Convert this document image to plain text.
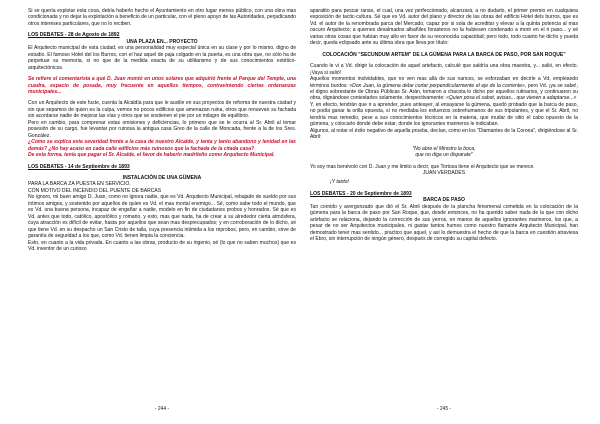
Si se quería explotar esta cosa, debía haberlo hecho el Ayuntamiento en otro lugar menos público, con una obra mas condicionada y no dejar la explotación a beneficio de un particular, con el pleno apoyo de las Autoridades, perjudicando otros intereses particulares, que no lo reciben.

LOS DEBATES - 28 de Agosto de 1892

UNA PLAZA EN... PROYECTO

El Arquitecto municipal de esta ciudad, es una personalidad muy especial única en su clase y por lo mismo, digno de estudio. El famoso Hotel del los Burros, con el haz aquel de paja colgado en la puerta, es una obra que, no sólo ha de perpetuar su memoria, si no que de la medida exacta de su utilitarismo y de sus conocimientos estético-arquitectónicos.

Se refiere el comentarista a qué D. Juan montó en unos solares que adquirió frente al Parque del Temple, una cuadra, espacio de posada, muy frecuente en aquellos tiempos, contraviniendo ciertas ordenanzas municipales...

Con un Arquitecto de este fuste, cuenta la Alcaldía para que le auxilie en sus proyectos de reforma de nuestra ciudad y sin que sepamos de quien es la culpa, vemos no pocos edificios que amenazan ruina, otros que renuevan su fachada sin acordarse nadie de mejorar las vías y otros que se sostienen el pie por un milagro de equilibrio.

Pero en cambio, para comprenar estas omisiones y deficiencias, lo primero que se le ocurra al Sr. Abril al tomar posesión de su cargo, fue levantar por ruinosa la antigua casa Greo de la calle de Moncada, frente a la de los Sres. González.

¿Cómo se explica esta severidad frente a la casa de nuestro Alcalde, y tanta y tanto abandono y lenidad en las demás? ¿No hay acaso en cada calle edificios más ruinosos que la fachada de la citada casa?

De esta forma, tenía que pagar el Sr. Alcalde, el favor de haberlo madrileño como Arquitecto Municipal.

LOS DEBATES - 14 de Septiembre de 1893

INSTALACIÓN DE UNA GÜMENA

PARA LA BARCA ZA PUESTA EN SERVICIO.

CON MOTIVO DEL INCENDIO DEL PUENTE DE BARCAS

No ignoro, mi buen amigo D. Juan, como no ignora nadie, que es Vd. Arquitecto Municipal, rebajado de sueldo por sus íntimos amigos, y sostenido por aquellos de quien es Vd. el mas mortal enemigo... Sé, como sabe todo el mundo, que es Vd. una buena persona, incapaz de engañar a nadie, modelo en fin de ciudadanos probos y honrados. Sé que es Vd. antes que todo, católico, apostólico y romano, y esto, mas que nada, ha de crear a su alrededor cierta atmósfera, cuya atracción es difícil de evitar, hasta por aquellos que sean mas desprecupados; y en corroboración de lo dicho, sé que tiene Vd. en su despacho un San Cristo de talla, cuya presencia intimida a los réprobos, pero, en cambio, sirve de garantía de seguridad a los que, como Vd. tienen limpia la conciencia.

Esto, en cuanto a la vida privada. En cuanto a las obras, producto de su ingenio, sé (lo que no saben muchos) que es Vd. inventor de un curioso

- 244 -

aparatito para pescar ranas, el cual, una vez perfeccionado, alcanzará, a no dudarlo, el primer premio en cualquiera exposición de tactic-cultura. Sé que es Vd. autor del plano y director de las obras del edificio Hotel dels burros, que es Vd. el autor de la renombrada parca del Mercado, capaz por si sola de acreditar y elevar a la quinta potencia al mas oscuro Arquitecto; a quienes desalmados albañiles forasteros no la hubiesen condenado a morir en el ri paso... y sé varias otras cosas que habían muy alto en favor de su reconocida capacidad; pero todo, todo cuanto he dicho y pueda decir, queda eclipsado ante su última obra que lleva por título:

COLOCACIÓN "SECUNDUM ARTEM" DE LA GÚMENA PARA LA BARCA DE PASO, POR SAN ROQUE"

Cuando le vi a Vd. dirigir la colocación de aquel artefacto, calculé que saldría una obra maestra, y... salió, en efecto. ¡Vaya si salió!

Aquellos momentos inolvidables, que no ven mas allá de sus narices, se esforzaban en decirle a Vd, empleando términos burdos: «Don Juan, la gúmena debe cortar perpendicularmente el eje de la corriente», pero Vd. ¡ya se sabe!, el digno sobrestante de Obras Públicas Sr. Arán, tomaron a chacota lo dicho por aquellos rutinarios, y continuaron su obra, dignándose contestarles solamente, despectivamente: «Quien posa el sabot, avisas... que vienen a adaptarse...»

Y, en efecto, tendrán que ir a aprender, pues anteayer, al ensayarse la gúmena, quedó probado que la barca de paso, no podía ganar la orilla opuesta, sí no mediaba los esfuerzos sobrehumanos de sus tripulantes, y que el Sr. Abril, no tendría mas remedio, pese a sus conocimientos técnicos en la materia, que mudar de sitio el cabo opuesto de la gúmena, y colocarlo donde debe estar, donde los ignorantes marineros le indicaban.

Algunos, al notar el éxito negativo de aquella prueba, decían, como en los "Diamantes de la Corona", dirigiéndose al Sr. Abril:

"No abre el Ministro la boca,

que no diga un disparate"

Yo soy mas benévolo con D. Juan y me limito a decir, que Tortosa tiene el Arquitecto que se merece.

JUAN VERDADES

¡Y tanto!

LOS DEBATES - 20 de Septiembre de 1893

BARCA DE PASO

Tan cornido y avergonzado que dió el Sr. Abril después de la plancha fenomenal cometida en la colocación de la gúmena para la barca de paso por San Roque, que, desde entonces, no ha querido saber nada de la que con dicho artefacto se relaciona, dejando la corrección de sus yerros, en manos de aquellos ignorantes marineros, los que, a pesar de no ser Arquitectos municipales, ni gastar tantos humos como nuestro flamante Arquitecto Municipal, han demostrado tener mas sentido... practico que aquel, y así lo demuestra el hecho de que la barca en cuestión atraviesa el Ebro, sin interrupción de ningún género, después de corregido su capital defecto.

- 245 -
